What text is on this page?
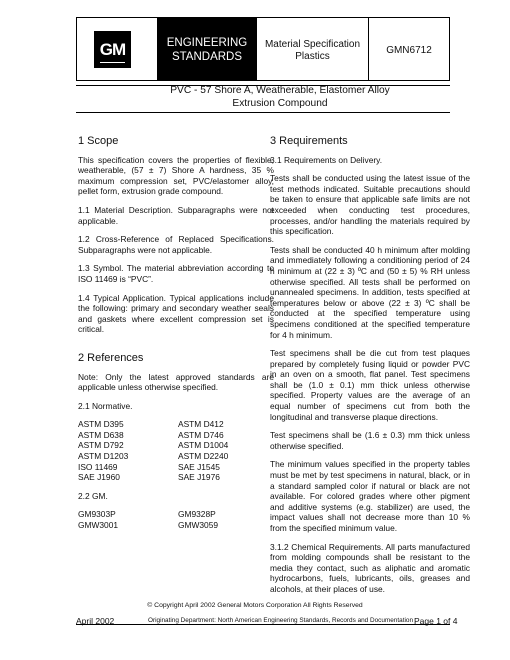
GM	ENGINEERING
STANDARDS
Material Specification
Plastics
GMN6712
PVC - 57 Shore A, Weatherable, Elastomer Alloy
Extrusion Compound
1 Scope

This specification covers the properties of flexible, weatherable, (57 ± 7) Shore A hardness, 35 % maximum compression set, PVC/elastomer alloy, pellet form, extrusion grade compound.

1.1 Material Description. Subparagraphs were not applicable.

1.2 Cross-Reference of Replaced Specifications. Subparagraphs were not applicable.

1.3 Symbol. The material abbreviation according to ISO 11469 is “PVC”.

1.4 Typical Application. Typical applications include the following: primary and secondary weather seals and gaskets where excellent compression set is critical.

2 References

Note: Only the latest approved standards are applicable unless otherwise specified.

2.1 Normative.

ASTM D395	ASTM D412
ASTM D638	ASTM D746
ASTM D792	ASTM D1004
ASTM D1203	ASTM D2240
ISO 11469	SAE J1545
SAE J1960	SAE J1976

2.2 GM.

GM9303P	GM9328P
GMW3001	GMW3059
3 Requirements

3.1 Requirements on Delivery.

Tests shall be conducted using the latest issue of the test methods indicated. Suitable precautions should be taken to ensure that applicable safe limits are not exceeded when conducting test procedures, processes, and/or handling the materials required by this specification.

Tests shall be conducted 40 h minimum after molding and immediately following a conditioning period of 24 h minimum at (22 ± 3) ºC and (50 ± 5) % RH unless otherwise specified. All tests shall be performed on unannealed specimens. In addition, tests specified at temperatures below or above (22 ± 3) ºC shall be conducted at the specified temperature using specimens conditioned at the specified temperature for 4 h minimum.

Test specimens shall be die cut from test plaques prepared by completely fusing liquid or powder PVC in an oven on a smooth, flat panel. Test specimens shall be (1.0 ± 0.1) mm thick unless otherwise specified. Property values are the average of an equal number of specimens cut from both the longitudinal and transverse plaque directions.

Test specimens shall be (1.6 ± 0.3) mm thick unless otherwise specified.

The minimum values specified in the property tables must be met by test specimens in natural, black, or in a standard sampled color if natural or black are not available. For colored grades where other pigment and additive systems (e.g. stabilizer) are used, the impact values shall not decrease more than 10 % from the specified minimum value.

3.1.2 Chemical Requirements. All parts manufactured from molding compounds shall be resistant to the media they contact, such as aliphatic and aromatic hydrocarbons, fuels, lubricants, oils, greases and alcohols, at their places of use.

© Copyright April 2002 General Motors Corporation All Rights Reserved
April 2002	Originating Department: North American Engineering Standards, Records and Documentation Page 1 of 4
